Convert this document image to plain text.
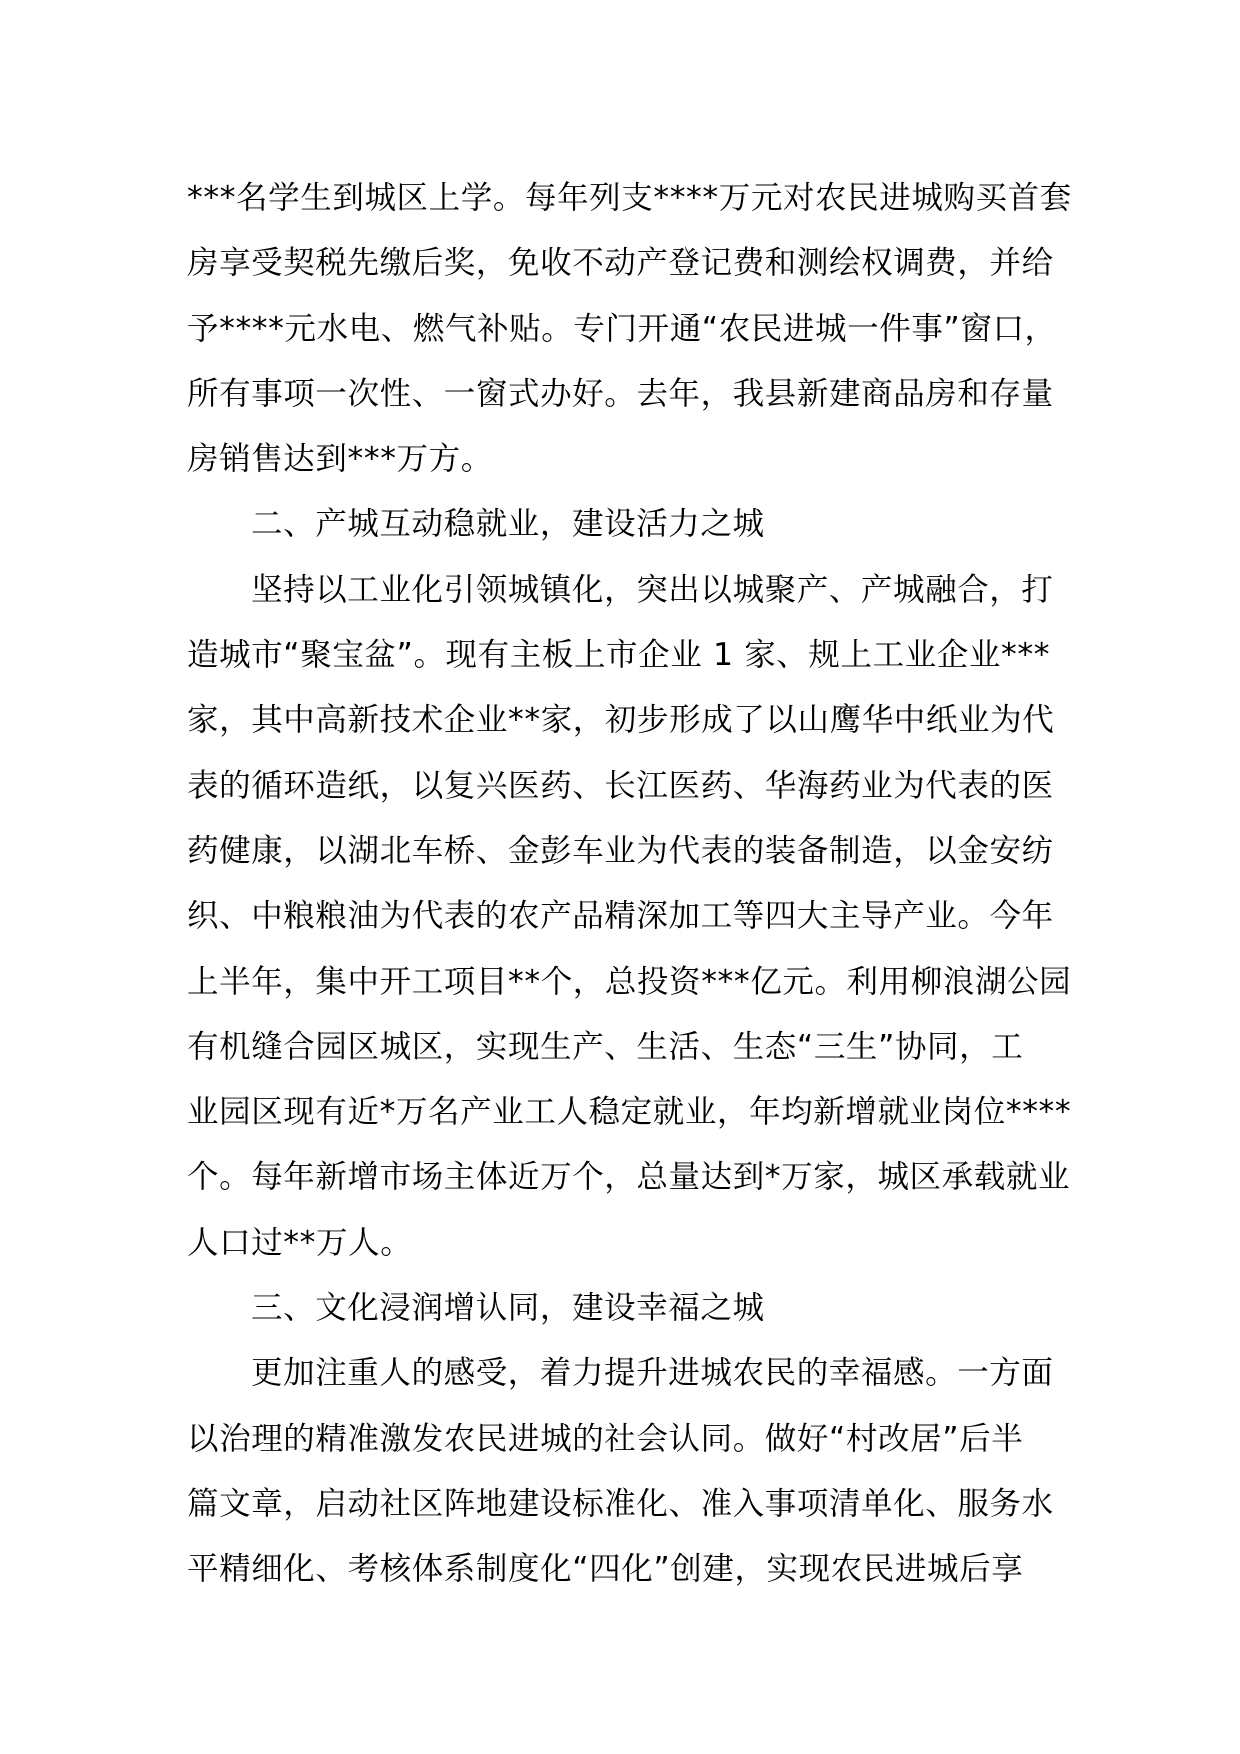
***名学生到城区上学。每年列支****万元对农民进城购买首套
房享受契税先缴后奖，免收不动产登记费和测绘权调费，并给
予****元水电、燃气补贴。专门开通“农民进城一件事”窗口，
所有事项一次性、一窗式办好。去年，我县新建商品房和存量
房销售达到***万方。
二、产城互动稳就业，建设活力之城
坚持以工业化引领城镇化，突出以城聚产、产城融合，打
造城市“聚宝盆”。现有主板上市企业 1 家、规上工业企业***
家，其中高新技术企业**家，初步形成了以山鹰华中纸业为代
表的循环造纸，以复兴医药、长江医药、华海药业为代表的医
药健康，以湖北车桥、金彭车业为代表的装备制造，以金安纺
织、中粮粮油为代表的农产品精深加工等四大主导产业。今年
上半年，集中开工项目**个，总投资***亿元。利用柳浪湖公园
有机缝合园区城区，实现生产、生活、生态“三生”协同，工
业园区现有近*万名产业工人稳定就业，年均新增就业岗位****
个。每年新增市场主体近万个，总量达到*万家，城区承载就业
人口过**万人。
三、文化浸润增认同，建设幸福之城
更加注重人的感受，着力提升进城农民的幸福感。一方面
以治理的精准激发农民进城的社会认同。做好“村改居”后半
篇文章，启动社区阵地建设标准化、准入事项清单化、服务水
平精细化、考核体系制度化“四化”创建，实现农民进城后享
